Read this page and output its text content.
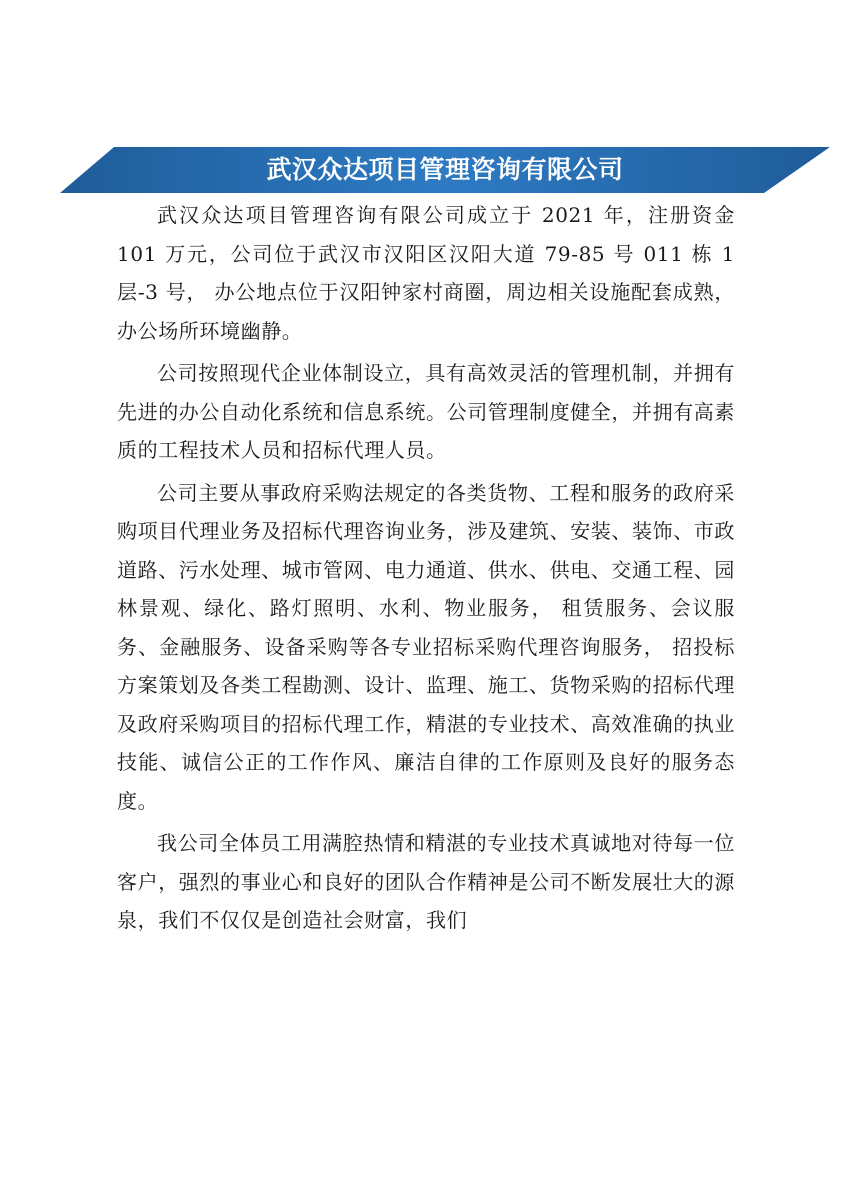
武汉众达项目管理咨询有限公司

武汉众达项目管理咨询有限公司成立于 2021 年，注册资金 101 万元，公司位于武汉市汉阳区汉阳大道 79-85 号 011 栋 1 层-3 号， 办公地点位于汉阳钟家村商圈，周边相关设施配套成熟，办公场所环境幽静。

公司按照现代企业体制设立，具有高效灵活的管理机制，并拥有先进的办公自动化系统和信息系统。公司管理制度健全，并拥有高素质的工程技术人员和招标代理人员。

公司主要从事政府采购法规定的各类货物、工程和服务的政府采购项目代理业务及招标代理咨询业务，涉及建筑、安装、装饰、市政道路、污水处理、城市管网、电力通道、供水、供电、交通工程、园林景观、绿化、路灯照明、水利、物业服务， 租赁服务、会议服务、金融服务、设备采购等各专业招标采购代理咨询服务， 招投标方案策划及各类工程勘测、设计、监理、施工、货物采购的招标代理及政府采购项目的招标代理工作，精湛的专业技术、高效准确的执业技能、诚信公正的工作作风、廉洁自律的工作原则及良好的服务态度。

我公司全体员工用满腔热情和精湛的专业技术真诚地对待每一位客户，强烈的事业心和良好的团队合作精神是公司不断发展壮大的源泉，我们不仅仅是创造社会财富，我们
